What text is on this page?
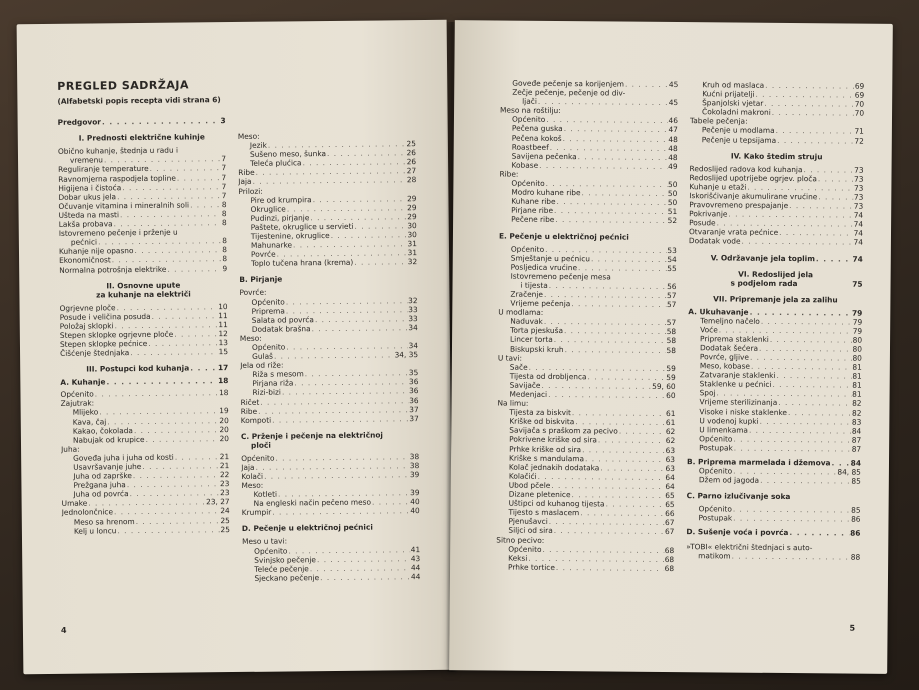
PREGLED SADRŽAJA
(Alfabetski popis recepta vidi strana 6)
Predgovor . . .	3
I. Prednosti električne kuhinje
Obično kuhanje, štednja u radu i
vremenu . . .	7
Reguliranje temperature . . .	7
Ravnomjerna raspodjela topline . . .	7
Higijena i čistoća . . .	7
Dobar ukus jela . . .	7
Očuvanje vitamina i mineralnih soli . . .	8
Ušteda na masti . . .	8
Lakša probava . . .	8
Istovremeno pečenje i prženje u
pećnici . . .	8
Kuhanje nije opasno . . .	8
Ekonomičnost . . .	8
Normalna potrošnja elektrike . . .	9
II. Osnovne upute
za kuhanje na električi
Ogrjevne ploče . . .	10
Posude i veličina posuda . . .	11
Položaj sklopki . . .	11
Stepen sklopke ogrjevne ploče . . .	12
Stepen sklopke pećnice . . .	13
Čišćenje štednjaka . . .	15
III. Postupci kod kuhanja . . .	17
A. Kuhanje . . .	18
Općenito . . .	18
Zajutrak:
Mlijeko . . .	19
Kava, čaj . . .	20
Kakao, čokolada . . .	20
Nabujak od krupice . . .	20
Juha:
Goveđa juha i juha od kosti . . .	21
Usavršavanje juhe . . .	21
Juha od zaprške . . .	22
Prežgana juha . . .	23
Juha od povrća . . .	23
Umake . . .	23, 27
Jednolončnice . . .	24
Meso sa hrenom . . .	25
Kelj u loncu . . .	25
Meso:
Jezik . . .	25
Sušeno meso, šunka . . .	26
Teleća plućica . . .	26
Ribe . . .	27
Jaja . . .	28
Prilozi:
Pire od krumpira . . .	29
Okruglice . . .	29
Pudinzi, pirjanje . . .	29
Paštete, okruglice u servieti . . .	30
Tijestenine, okruglice . . .	30
Mahunarke . . .	31
Povrće . . .	31
Toplo tučena hrana (krema) . . .	32
B. Pirjanje
Povrće:
Općenito . . .	32
Pripremа . . .	33
Salata od povrća . . .	33
Dodatak brašna . . .	34
Meso:
Općenito . . .	34
Gulaš . . .	34, 35
Jela od riže:
Riža s mesom . . .	35
Pirjana riža . . .	36
Rizi-bizi . . .	36
Ričet . . .	36
Ribe . . .	37
Kompoti . . .	37
C. Prženje i pečenje na električnoj
ploči
Općenito . . .	38
Jaja . . .	38
Kolači . . .	39
Meso:
Kotleti . . .	39
Na engleski način pečeno meso . . .	40
Krumpir . . .	40
D. Pečenje u električnoj pećnici
Meso u tavi:
Općenito . . .	41
Svinjsko pečenje . . .	43
Teleće pečenje . . .	44
Sjeckano pečenje . . .	44
4
Goveđe pečenje sa korijenjem . . .	45
Zečje pečenje, pečenje od div-
ljači . . .	45
Meso na roštilju:
Općenito . . .	46
Pečena guska . . .	47
Pečena kokoš . . .	48
Roastbeef . . .	48
Savijena pečenka . . .	48
Kobase . . .	49
Ribe:
Općenito . . .	50
Modro kuhane ribe . . .	50
Kuhane ribe . . .	50
Pirjane ribe . . .	51
Pečene ribe . . .	52
E. Pečenje u električnoj pećnici
Općenito . . .	53
Smještanje u pećnicu . . .	54
Posljedica vrućine . . .	55
Istovremeno pečenje mesa
i tijesta . . .	56
Zračenje . . .	57
Vrijeme pečenja . . .	57
U modlama:
Naduvak . . .	57
Torta pjeskuša . . .	58
Lincer torta . . .	58
Biskupski kruh . . .	58
U tavi:
Sače . . .	59
Tijesta od drobljenca . . .	59
Savijače . . .	59, 60
Medenjaci . . .	60
Na limu:
Tijesta za biskvit . . .	61
Kriške od biskvita . . .	61
Savijača s praškom za pecivo . . .	62
Pokrivene kriške od sira . . .	62
Prhke kriške od sira . . .	63
Kriške s mandulama . . .	63
Kolač jednakih dodataka . . .	63
Kolačići . . .	64
Ubod pčele . . .	64
Dizane pletenice . . .	65
Uštipci od kuhanog tijesta . . .	65
Tijesto s maslacem . . .	66
Pjenušavci . . .	67
Siljci od sira . . .	67
Sitno pecivo:
Općenito . . .	68
Keksi . . .	68
Prhke tortice . . .	68
Kruh od maslaca . . .	69
Kućni prijatelji . . .	69
Španjolski vjetar . . .	70
Čokoladni makroni . . .	70
Tabele pečenja:
Pečenje u modlama . . .	71
Pečenje u tepsijama . . .	72
IV. Kako štedim struju
Redoslijed radova kod kuhanja . . .	73
Redoslijed upotrijebe ogrjev. ploča . . .	73
Kuhanje u etaži . . .	73
Iskorišćivanje akumulirane vrućine . . .	73
Pravovremeno prespajanje . . .	73
Pokrivanje . . .	74
Posude . . .	74
Otvaranje vrata pećnice . . .	74
Dodatak vode . . .	74
V. Održavanje jela toplim . . .	74
VI. Redoslijed jela
s podjelom rada	75
VII. Pripremanje jela za zalihu
A. Ukuhavanje . . .	79
Temeljno načelo . . .	79
Voće . . .	79
Priprema staklenki . . .	80
Dodatak šećera . . .	80
Povrće, gljive . . .	80
Meso, kobase . . .	81
Zatvaranje staklenki . . .	81
Staklenke u pećnici . . .	81
Spoj . . .	81
Vrijeme sterilizinanja . . .	82
Visoke i niske staklenke . . .	82
U vodenoj kupki . . .	83
U limenkama . . .	84
Općenito . . .	87
Postupak . . .	87
B. Priprema marmelada i džemova . . .	84
Općenito . . .	84, 85
Džem od jagoda . . .	85
C. Parno izlučivanje soka
Općenito . . .	85
Postupak . . .	86
D. Sušenje voća i povrća . . .	86
»TOBI« električni štednjaci s auto-
matikom . . .	88
5
